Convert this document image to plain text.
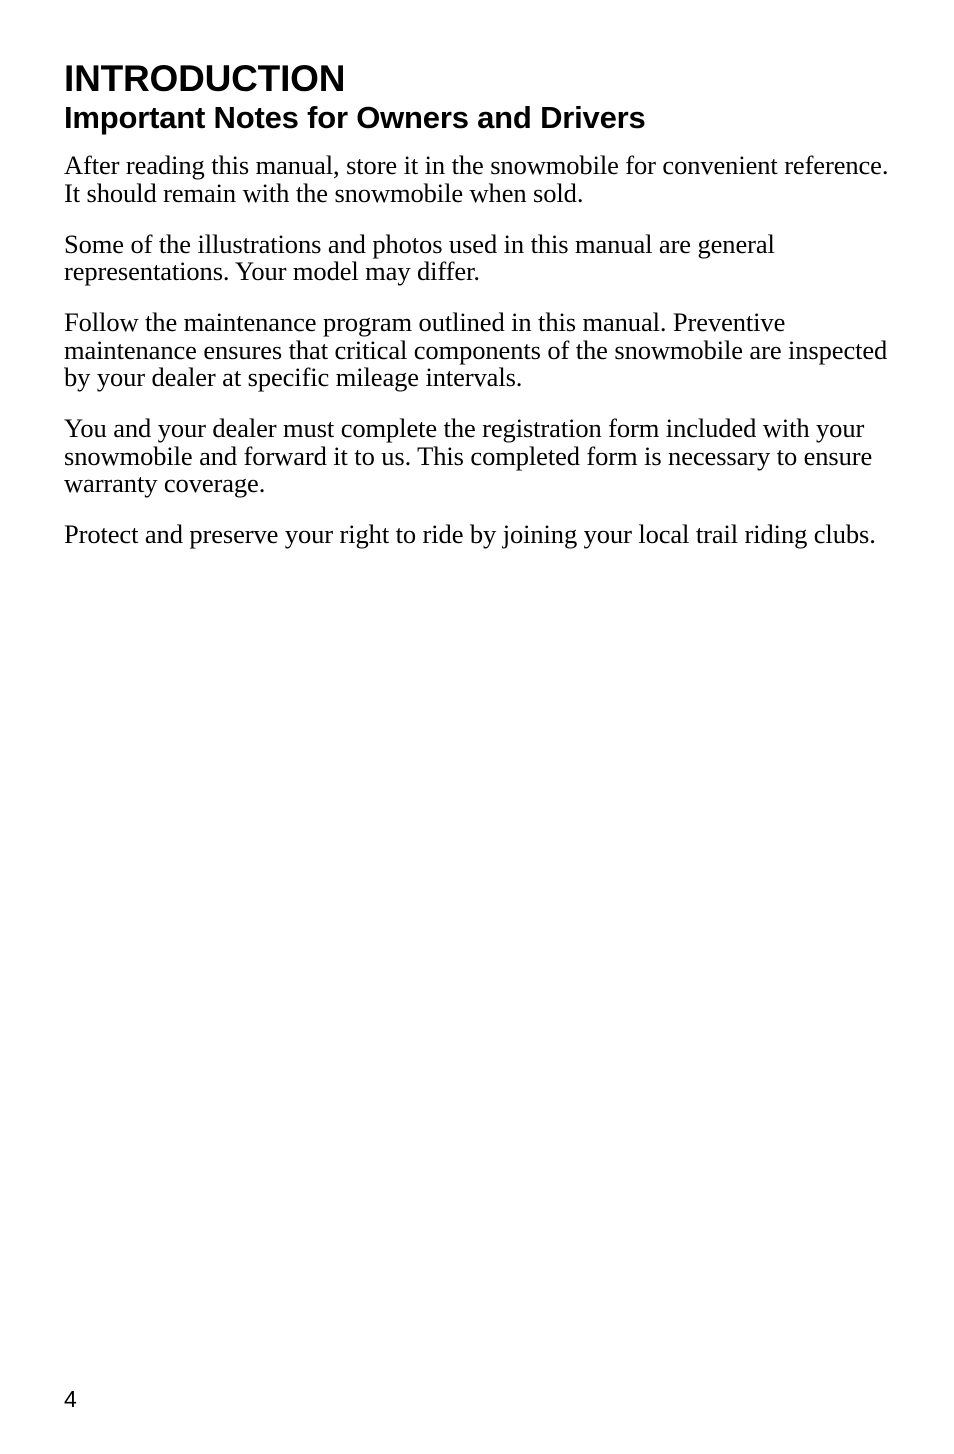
INTRODUCTION
Important Notes for Owners and Drivers

After reading this manual, store it in the snowmobile for convenient reference. It should remain with the snowmobile when sold.

Some of the illustrations and photos used in this manual are general representations. Your model may differ.

Follow the maintenance program outlined in this manual. Preventive maintenance ensures that critical components of the snowmobile are inspected by your dealer at specific mileage intervals.

You and your dealer must complete the registration form included with your snowmobile and forward it to us. This completed form is necessary to ensure warranty coverage.

Protect and preserve your right to ride by joining your local trail riding clubs.

4
